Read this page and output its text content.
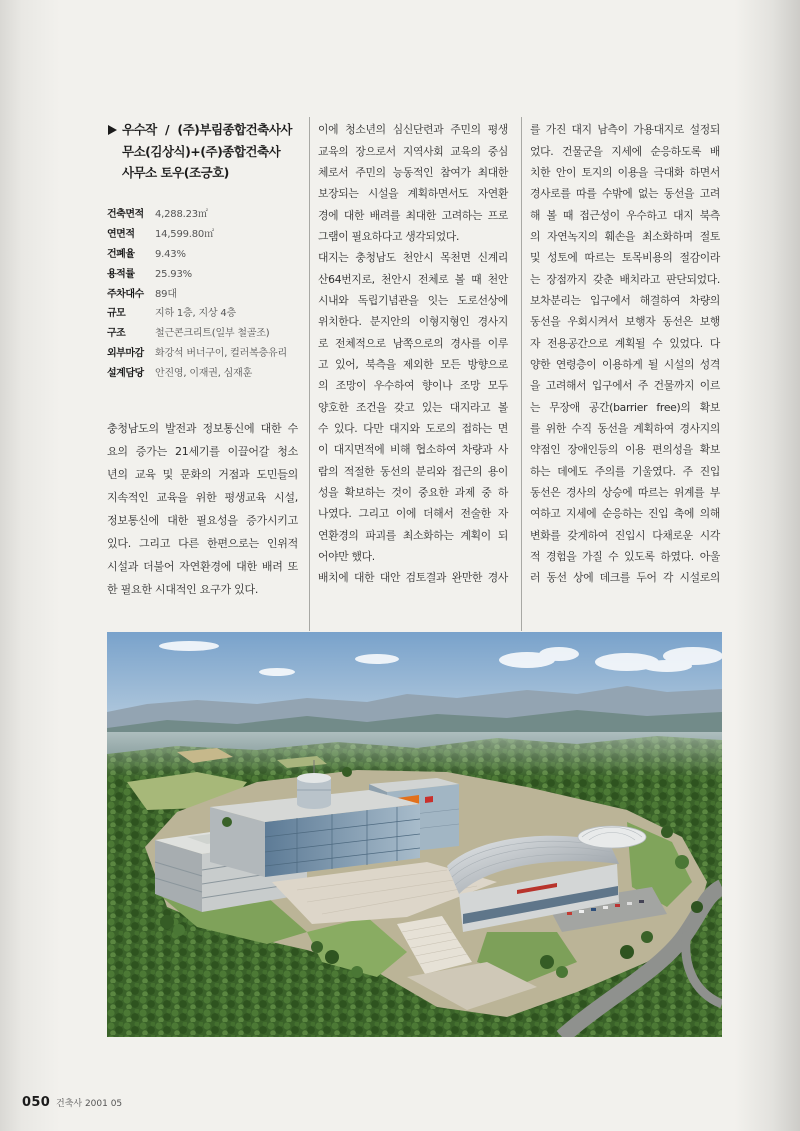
우수작 / (주)부림종합건축사사
무소(김상식)+(주)종합건축사
사무소 토우(조긍호)
건축면적	4,288.23㎡
연면적	14,599.80㎡
건폐율	9.43%
용적률	25.93%
주차대수	89대
규모	지하 1층, 지상 4층
구조	철근콘크리트(일부 철골조)
외부마감	화강석 버너구이, 컬러복층유리
설계담당	안진영, 이재권, 심재훈
충청남도의 발전과 정보통신에 대한 수
요의 증가는 21세기를 이끌어갈 청소
년의 교육 및 문화의 거점과 도민들의
지속적인 교육을 위한 평생교육 시설,
정보통신에 대한 필요성을 증가시키고
있다. 그리고 다른 한편으로는 인위적
시설과 더불어 자연환경에 대한 배려 또
한 필요한 시대적인 요구가 있다.
이에 청소년의 심신단련과 주민의 평생
교육의 장으로서 지역사회 교육의 중심
체로서 주민의 능동적인 참여가 최대한
보장되는 시설을 계획하면서도 자연환
경에 대한 배려를 최대한 고려하는 프로
그램이 필요하다고 생각되었다.
대지는 충청남도 천안시 목천면 신계리
산64번지로, 천안시 전체로 볼 때 천안
시내와 독립기념관을 잇는 도로선상에
위치한다. 분지안의 이형지형인 경사지
로 전체적으로 남쪽으로의 경사를 이루
고 있어, 북측을 제외한 모든 방향으로
의 조망이 우수하여 향이나 조망 모두
양호한 조건을 갖고 있는 대지라고 볼
수 있다. 다만 대지와 도로의 접하는 면
이 대지면적에 비해 협소하여 차량과 사
람의 적절한 동선의 분리와 접근의 용이
성을 확보하는 것이 중요한 과제 중 하
나였다. 그리고 이에 더해서 전술한 자
연환경의 파괴를 최소화하는 계획이 되
어야만 했다.
배치에 대한 대안 검토결과 완만한 경사
를 가진 대지 남측이 가용대지로 설정되
었다. 건물군을 지세에 순응하도록 배
치한 안이 토지의 이용을 극대화 하면서
경사로를 따를 수밖에 없는 동선을 고려
해 볼 때 접근성이 우수하고 대지 북측
의 자연녹지의 훼손을 최소화하며 절토
및 성토에 따르는 토목비용의 절감이라
는 장점까지 갖춘 배치라고 판단되었다.
보차분리는 입구에서 해결하여 차량의
동선을 우회시켜서 보행자 동선은 보행
자 전용공간으로 계획될 수 있었다. 다
양한 연령층이 이용하게 될 시설의 성격
을 고려해서 입구에서 주 건물까지 이르
는 무장애 공간(barrier free)의 확보
를 위한 수직 동선을 계획하여 경사지의
약점인 장애인등의 이용 편의성을 확보
하는 데에도 주의를 기울였다. 주 진입
동선은 경사의 상승에 따르는 위계를 부
여하고 지세에 순응하는 진입 축에 의해
변화를 갖게하여 진입시 다채로운 시각
적 경험을 가질 수 있도록 하였다. 아울
러 동선 상에 데크를 두어 각 시설로의
050 건축사 2001 05
